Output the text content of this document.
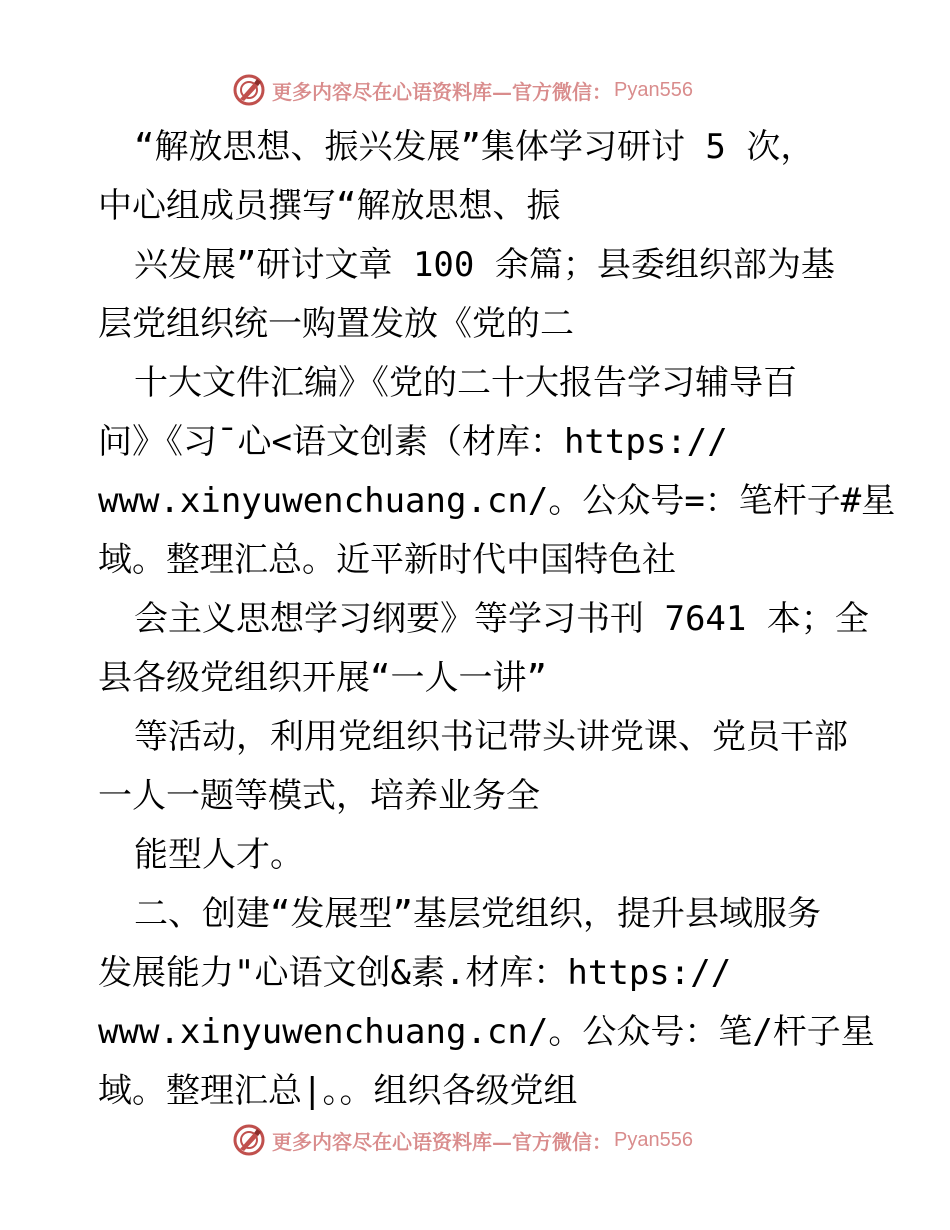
更多内容尽在心语资料库—官方微信： Pyan556
“解放思想、振兴发展”集体学习研讨 5 次，
中心组成员撰写“解放思想、振
兴发展”研讨文章 100 余篇；县委组织部为基
层党组织统一购置发放《党的二
十大文件汇编》《党的二十大报告学习辅导百
问》《习¯心<语文创素（材库：https://
www.xinyuwenchuang.cn/。公众号=：笔杆子#星
域。整理汇总。近平新时代中国特色社
会主义思想学习纲要》等学习书刊 7641 本；全
县各级党组织开展“一人一讲”
等活动，利用党组织书记带头讲党课、党员干部
一人一题等模式，培养业务全
能型人才。
二、创建“发展型”基层党组织，提升县域服务
发展能力"心语文创&素.材库：https://
www.xinyuwenchuang.cn/。公众号：笔/杆子星
域。整理汇总|。。组织各级党组
更多内容尽在心语资料库—官方微信： Pyan556
